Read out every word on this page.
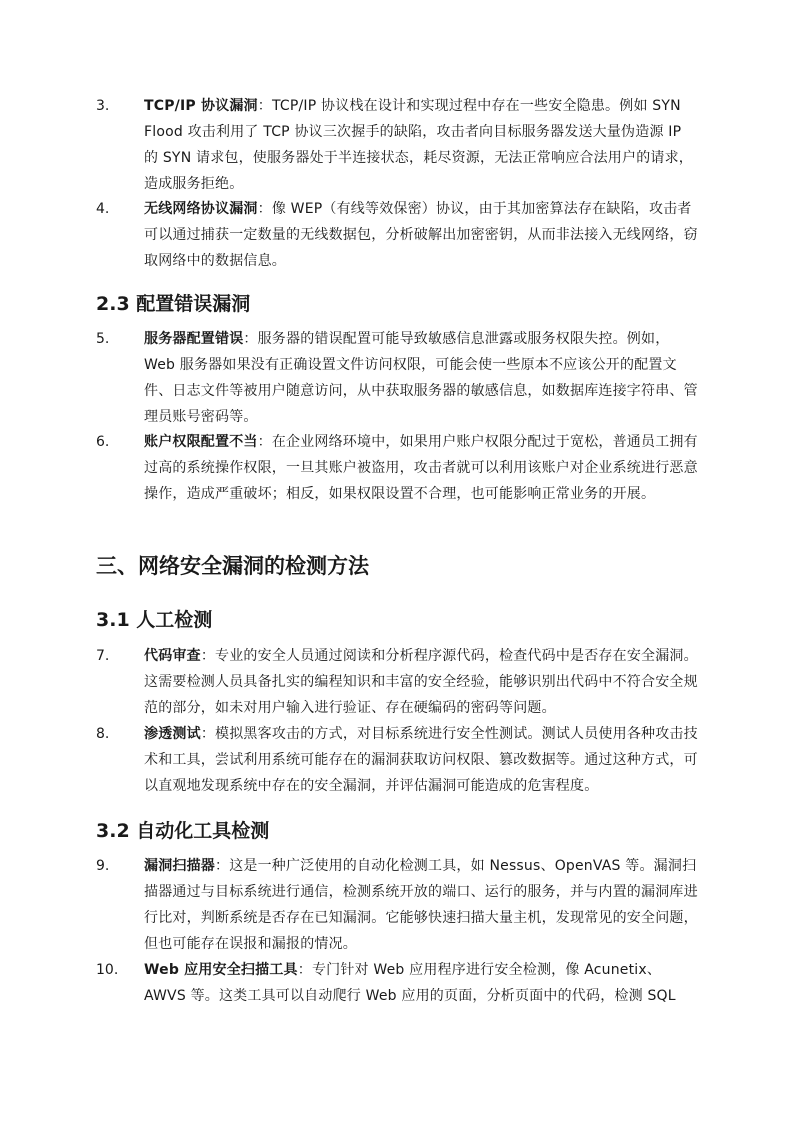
3. TCP/IP 协议漏洞：TCP/IP 协议栈在设计和实现过程中存在一些安全隐患。例如 SYN Flood 攻击利用了 TCP 协议三次握手的缺陷，攻击者向目标服务器发送大量伪造源 IP 的 SYN 请求包，使服务器处于半连接状态，耗尽资源，无法正常响应合法用户的请求，造成服务拒绝。
4. 无线网络协议漏洞：像 WEP（有线等效保密）协议，由于其加密算法存在缺陷，攻击者可以通过捕获一定数量的无线数据包，分析破解出加密密钥，从而非法接入无线网络，窃取网络中的数据信息。
2.3 配置错误漏洞
5. 服务器配置错误：服务器的错误配置可能导致敏感信息泄露或服务权限失控。例如，Web 服务器如果没有正确设置文件访问权限，可能会使一些原本不应该公开的配置文件、日志文件等被用户随意访问，从中获取服务器的敏感信息，如数据库连接字符串、管理员账号密码等。
6. 账户权限配置不当：在企业网络环境中，如果用户账户权限分配过于宽松，普通员工拥有过高的系统操作权限，一旦其账户被盗用，攻击者就可以利用该账户对企业系统进行恶意操作，造成严重破坏；相反，如果权限设置不合理，也可能影响正常业务的开展。
三、网络安全漏洞的检测方法
3.1 人工检测
7. 代码审查：专业的安全人员通过阅读和分析程序源代码，检查代码中是否存在安全漏洞。这需要检测人员具备扎实的编程知识和丰富的安全经验，能够识别出代码中不符合安全规范的部分，如未对用户输入进行验证、存在硬编码的密码等问题。
8. 渗透测试：模拟黑客攻击的方式，对目标系统进行安全性测试。测试人员使用各种攻击技术和工具，尝试利用系统可能存在的漏洞获取访问权限、篡改数据等。通过这种方式，可以直观地发现系统中存在的安全漏洞，并评估漏洞可能造成的危害程度。
3.2 自动化工具检测
9. 漏洞扫描器：这是一种广泛使用的自动化检测工具，如 Nessus、OpenVAS 等。漏洞扫描器通过与目标系统进行通信，检测系统开放的端口、运行的服务，并与内置的漏洞库进行比对，判断系统是否存在已知漏洞。它能够快速扫描大量主机，发现常见的安全问题，但也可能存在误报和漏报的情况。
10. Web 应用安全扫描工具：专门针对 Web 应用程序进行安全检测，像 Acunetix、AWVS 等。这类工具可以自动爬行 Web 应用的页面，分析页面中的代码，检测 SQL
